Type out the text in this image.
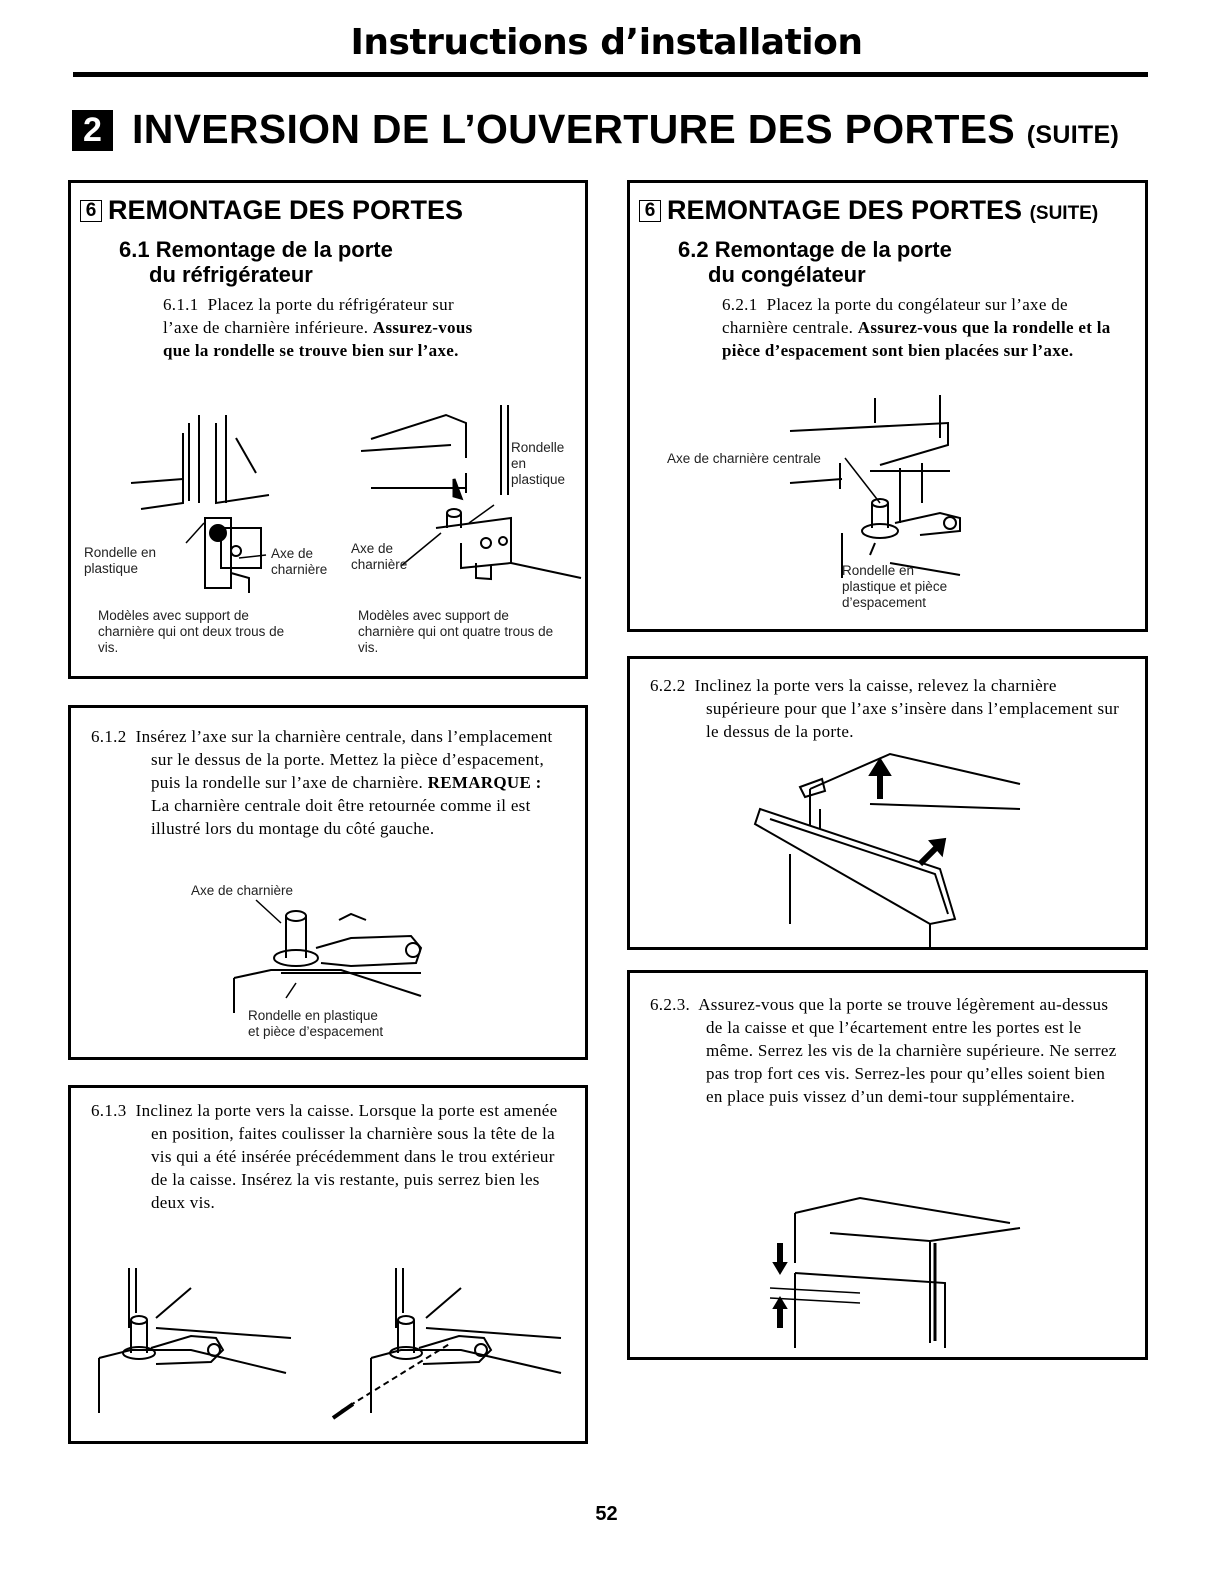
Instructions d’installation
2 INVERSION DE L’OUVERTURE DES PORTES (SUITE)
6 REMONTAGE DES PORTES
6.1 Remontage de la porte
du réfrigérateur
6.1.1 Placez la porte du réfrigérateur sur l’axe de charnière inférieure. Assurez-vous que la rondelle se trouve bien sur l’axe.
Rondelle en plastique
Axe de charnière
Rondelle en plastique
Axe de charnière
Modèles avec support de charnière qui ont deux trous de vis.
Modèles avec support de charnière qui ont quatre trous de vis.
6.1.2 Insérez l’axe sur la charnière centrale, dans l’emplacement sur le dessus de la porte. Mettez la pièce d’espacement, puis la rondelle sur l’axe de charnière. REMARQUE : La charnière centrale doit être retournée comme il est illustré lors du montage du côté gauche.
Axe de charnière
Rondelle en plastique
et pièce d’espacement
6.1.3 Inclinez la porte vers la caisse. Lorsque la porte est amenée en position, faites coulisser la charnière sous la tête de la vis qui a été insérée précédemment dans le trou extérieur de la caisse. Insérez la vis restante, puis serrez bien les deux vis.
6 REMONTAGE DES PORTES (SUITE)
6.2 Remontage de la porte
du congélateur
6.2.1 Placez la porte du congélateur sur l’axe de charnière centrale. Assurez-vous que la rondelle et la pièce d’espacement sont bien placées sur l’axe.
Axe de charnière centrale
Rondelle en
plastique et pièce
d’espacement
6.2.2 Inclinez la porte vers la caisse, relevez la charnière supérieure pour que l’axe s’insère dans l’emplacement sur le dessus de la porte.
6.2.3. Assurez-vous que la porte se trouve légèrement au-dessus de la caisse et que l’écartement entre les portes est le même. Serrez les vis de la charnière supérieure. Ne serrez pas trop fort ces vis. Serrez-les pour qu’elles soient bien en place puis vissez d’un demi-tour supplémentaire.
52
